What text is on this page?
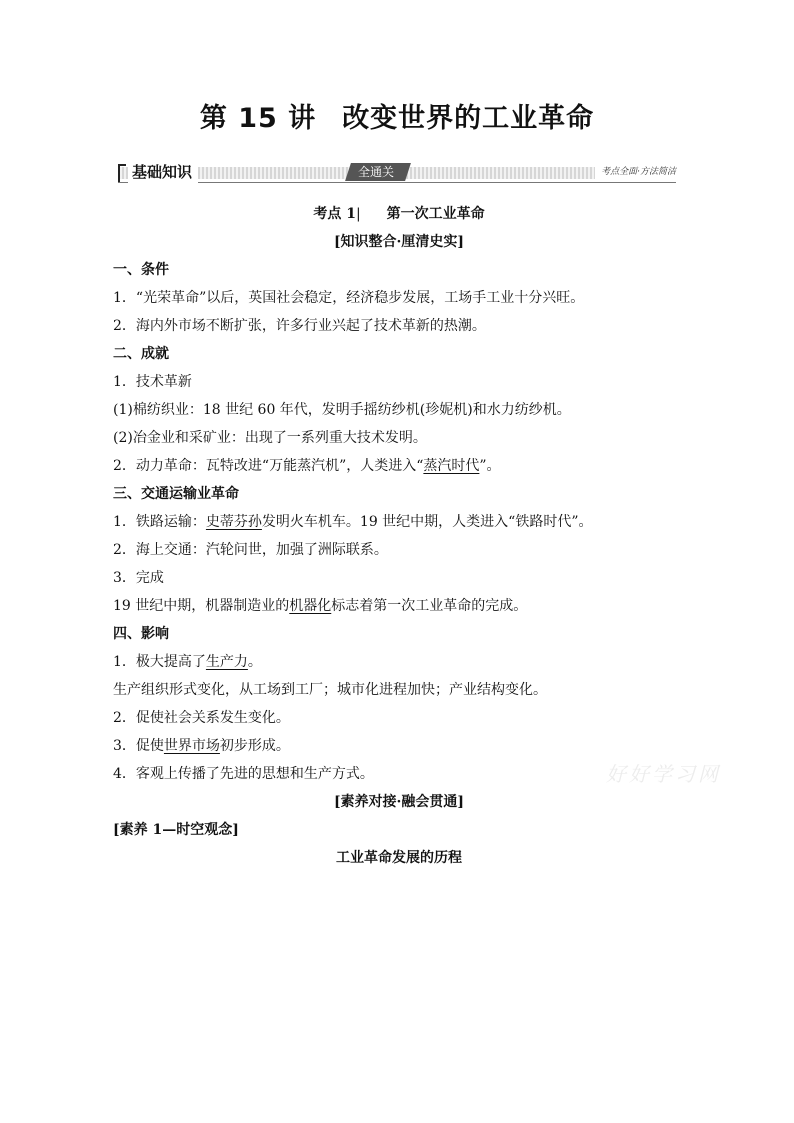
第 15 讲 改变世界的工业革命
基础知识	全通关	考点全面·方法简洁

考点 1| 第一次工业革命

[知识整合·厘清史实]

一、条件

1．“光荣革命”以后，英国社会稳定，经济稳步发展，工场手工业十分兴旺。

2．海内外市场不断扩张，许多行业兴起了技术革新的热潮。

二、成就

1．技术革新

(1)棉纺织业：18 世纪 60 年代，发明手摇纺纱机(珍妮机)和水力纺纱机。

(2)冶金业和采矿业：出现了一系列重大技术发明。

2．动力革命：瓦特改进“万能蒸汽机”，人类进入“蒸汽时代”。

三、交通运输业革命

1．铁路运输：史蒂芬孙发明火车机车。19 世纪中期，人类进入“铁路时代”。

2．海上交通：汽轮问世，加强了洲际联系。

3．完成

19 世纪中期，机器制造业的机器化标志着第一次工业革命的完成。

四、影响

1．极大提高了生产力。

生产组织形式变化，从工场到工厂；城市化进程加快；产业结构变化。

2．促使社会关系发生变化。

3．促使世界市场初步形成。

4．客观上传播了先进的思想和生产方式。

[素养对接·融会贯通]

[素养 1—时空观念]

工业革命发展的历程

好好学习网
